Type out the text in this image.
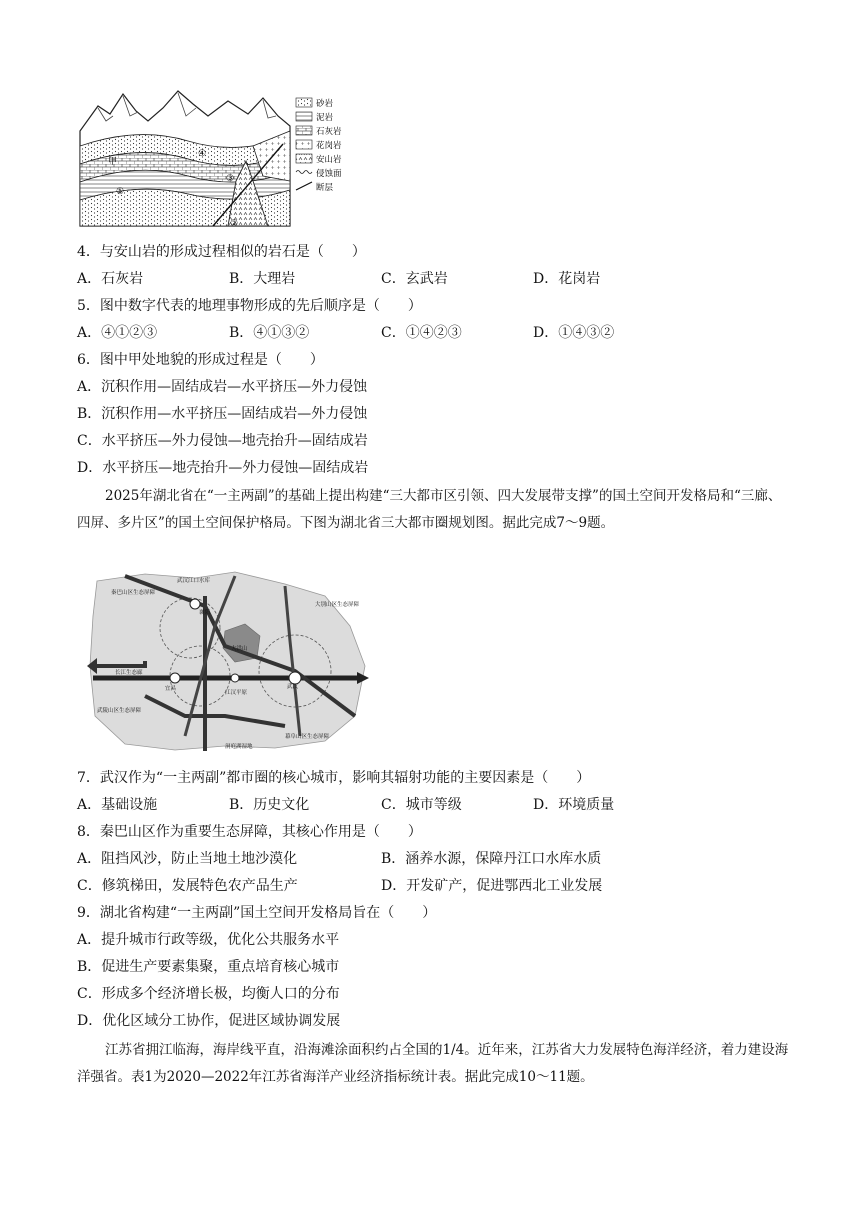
甲
①
②
③
④
砂岩
泥岩
石灰岩
花岗岩
安山岩
侵蚀面
断层
4．与安山岩的形成过程相似的岩石是（　　）
A．石灰岩	B．大理岩	C．玄武岩	D．花岗岩
5．图中数字代表的地理事物形成的先后顺序是（　　）
A．④①②③	B．④①③②	C．①④②③	D．①④③②
6．图中甲处地貌的形成过程是（　　）
A．沉积作用—固结成岩—水平挤压—外力侵蚀
B．沉积作用—水平挤压—固结成岩—外力侵蚀
C．水平挤压—外力侵蚀—地壳抬升—固结成岩
D．水平挤压—地壳抬升—外力侵蚀—固结成岩
2025年湖北省在“一主两副”的基础上提出构建“三大都市区引领、四大发展带支撑”的国土空间开发格局和“三廊、四屏、多片区”的国土空间保护格局。下图为湖北省三大都市圈规划图。据此完成7～9题。
秦巴山区生态屏障
大别山区生态屏障
武陵山区生态屏障
幕阜山区生态屏障
武汉江口水库
大洪山
武汉
宜昌
襄阳
江汉平原
洞庭湖湿地
长江生态廊
7．武汉作为“一主两副”都市圈的核心城市，影响其辐射功能的主要因素是（　　）
A．基础设施	B．历史文化	C．城市等级	D．环境质量
8．秦巴山区作为重要生态屏障，其核心作用是（　　）
A．阻挡风沙，防止当地土地沙漠化	B．涵养水源，保障丹江口水库水质
C．修筑梯田，发展特色农产品生产	D．开发矿产，促进鄂西北工业发展
9．湖北省构建“一主两副”国土空间开发格局旨在（　　）
A．提升城市行政等级，优化公共服务水平
B．促进生产要素集聚，重点培育核心城市
C．形成多个经济增长极，均衡人口的分布
D．优化区域分工协作，促进区域协调发展
江苏省拥江临海，海岸线平直，沿海滩涂面积约占全国的1/4。近年来，江苏省大力发展特色海洋经济，着力建设海洋强省。表1为2020—2022年江苏省海洋产业经济指标统计表。据此完成10～11题。
